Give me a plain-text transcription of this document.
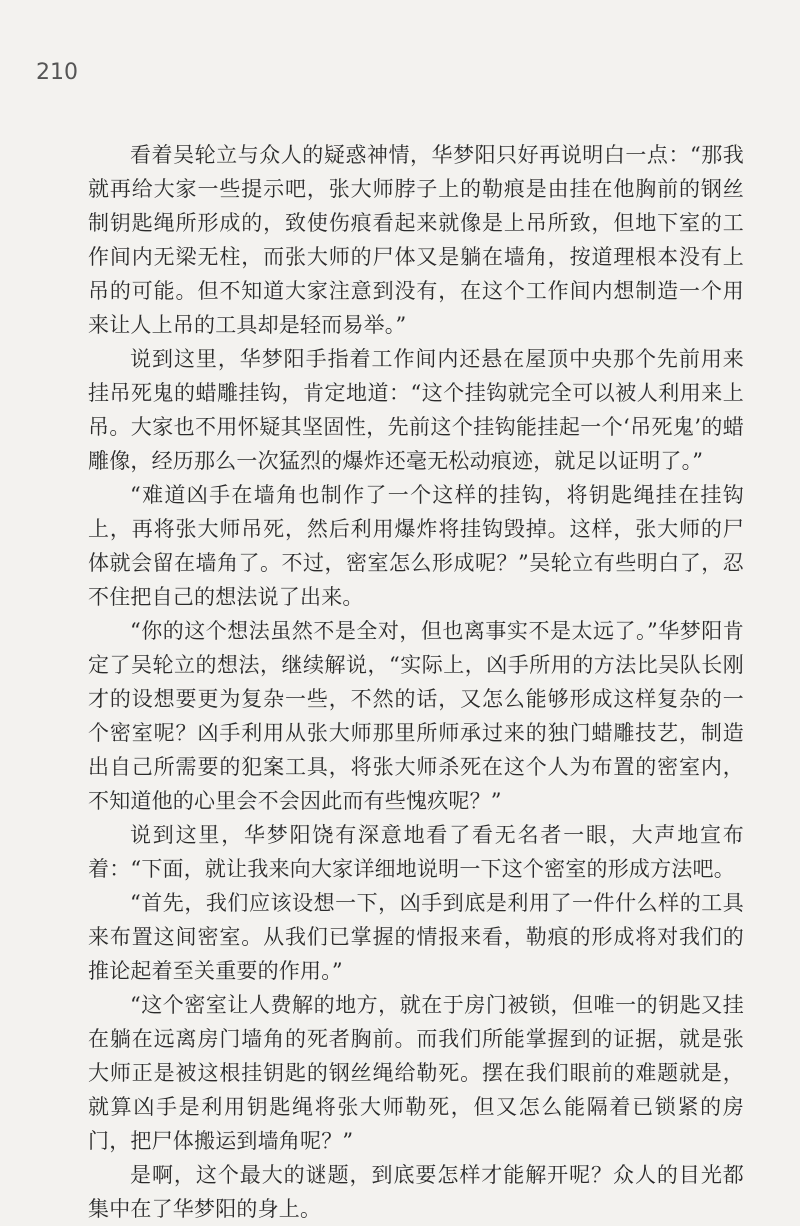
210

看着吴轮立与众人的疑惑神情，华梦阳只好再说明白一点：“那我就再给大家一些提示吧，张大师脖子上的勒痕是由挂在他胸前的钢丝制钥匙绳所形成的，致使伤痕看起来就像是上吊所致，但地下室的工作间内无梁无柱，而张大师的尸体又是躺在墙角，按道理根本没有上吊的可能。但不知道大家注意到没有，在这个工作间内想制造一个用来让人上吊的工具却是轻而易举。”

说到这里，华梦阳手指着工作间内还悬在屋顶中央那个先前用来挂吊死鬼的蜡雕挂钩，肯定地道：“这个挂钩就完全可以被人利用来上吊。大家也不用怀疑其坚固性，先前这个挂钩能挂起一个‘吊死鬼’的蜡雕像，经历那么一次猛烈的爆炸还毫无松动痕迹，就足以证明了。”

“难道凶手在墙角也制作了一个这样的挂钩，将钥匙绳挂在挂钩上，再将张大师吊死，然后利用爆炸将挂钩毁掉。这样，张大师的尸体就会留在墙角了。不过，密室怎么形成呢？”吴轮立有些明白了，忍不住把自己的想法说了出来。

“你的这个想法虽然不是全对，但也离事实不是太远了。”华梦阳肯定了吴轮立的想法，继续解说，“实际上，凶手所用的方法比吴队长刚才的设想要更为复杂一些，不然的话，又怎么能够形成这样复杂的一个密室呢？凶手利用从张大师那里所师承过来的独门蜡雕技艺，制造出自己所需要的犯案工具，将张大师杀死在这个人为布置的密室内，不知道他的心里会不会因此而有些愧疚呢？”

说到这里，华梦阳饶有深意地看了看无名者一眼，大声地宣布着：“下面，就让我来向大家详细地说明一下这个密室的形成方法吧。

“首先，我们应该设想一下，凶手到底是利用了一件什么样的工具来布置这间密室。从我们已掌握的情报来看，勒痕的形成将对我们的推论起着至关重要的作用。”

“这个密室让人费解的地方，就在于房门被锁，但唯一的钥匙又挂在躺在远离房门墙角的死者胸前。而我们所能掌握到的证据，就是张大师正是被这根挂钥匙的钢丝绳给勒死。摆在我们眼前的难题就是，就算凶手是利用钥匙绳将张大师勒死，但又怎么能隔着已锁紧的房门，把尸体搬运到墙角呢？”

是啊，这个最大的谜题，到底要怎样才能解开呢？众人的目光都集中在了华梦阳的身上。
